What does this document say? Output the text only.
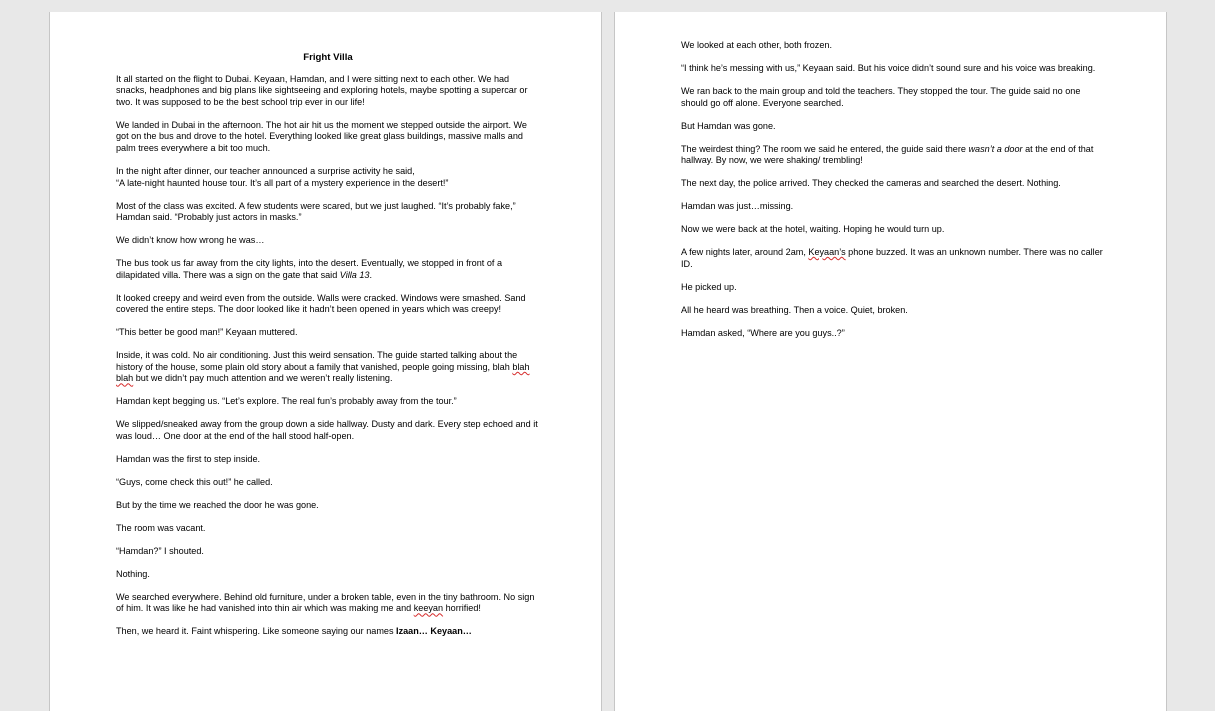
Fright Villa
It all started on the flight to Dubai. Keyaan, Hamdan, and I were sitting next to each other. We had snacks, headphones and big plans like sightseeing and exploring hotels, maybe spotting a supercar or two. It was supposed to be the best school trip ever in our life!
We landed in Dubai in the afternoon. The hot air hit us the moment we stepped outside the airport. We got on the bus and drove to the hotel. Everything looked like great glass buildings, massive malls and palm trees everywhere a bit too much.
In the night after dinner, our teacher announced a surprise activity he said,
“A late-night haunted house tour. It’s all part of a mystery experience in the desert!”
Most of the class was excited. A few students were scared, but we just laughed. “It’s probably fake,” Hamdan said. “Probably just actors in masks.”
We didn’t know how wrong he was…
The bus took us far away from the city lights, into the desert. Eventually, we stopped in front of a dilapidated villa. There was a sign on the gate that said Villa 13.
It looked creepy and weird even from the outside. Walls were cracked. Windows were smashed. Sand covered the entire steps. The door looked like it hadn’t been opened in years which was creepy!
“This better be good man!” Keyaan muttered.
Inside, it was cold. No air conditioning. Just this weird sensation. The guide started talking about the history of the house, some plain old story about a family that vanished, people going missing, blah blah blah but we didn’t pay much attention and we weren’t really listening.
Hamdan kept begging us. “Let’s explore. The real fun’s probably away from the tour.”
We slipped/sneaked away from the group down a side hallway. Dusty and dark. Every step echoed and it was loud… One door at the end of the hall stood half-open.
Hamdan was the first to step inside.
“Guys, come check this out!” he called.
But by the time we reached the door he was gone.
The room was vacant.
“Hamdan?” I shouted.
Nothing.
We searched everywhere. Behind old furniture, under a broken table, even in the tiny bathroom. No sign of him. It was like he had vanished into thin air which was making me and keeyan horrified!
Then, we heard it. Faint whispering. Like someone saying our names Izaan… Keyaan…
We looked at each other, both frozen.
“I think he’s messing with us,” Keyaan said. But his voice didn’t sound sure and his voice was breaking.
We ran back to the main group and told the teachers. They stopped the tour. The guide said no one should go off alone. Everyone searched.
But Hamdan was gone.
The weirdest thing? The room we said he entered, the guide said there wasn’t a door at the end of that hallway. By now, we were shaking/ trembling!
The next day, the police arrived. They checked the cameras and searched the desert. Nothing.
Hamdan was just…missing.
Now we were back at the hotel, waiting. Hoping he would turn up.
A few nights later, around 2am, Keyaan’s phone buzzed. It was an unknown number. There was no caller ID.
He picked up.
All he heard was breathing. Then a voice. Quiet, broken.
Hamdan asked, “Where are you guys..?”
